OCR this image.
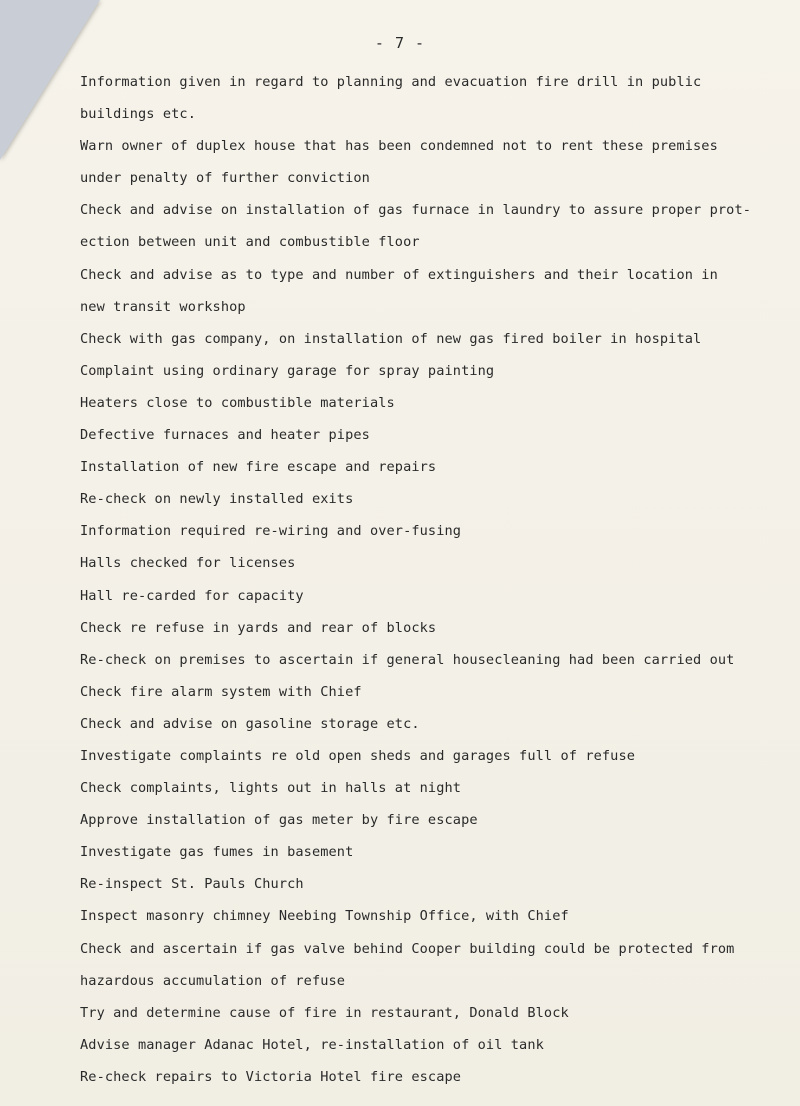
- 7 -
Information given in regard to planning and evacuation fire drill in public
buildings etc.
Warn owner of duplex house that has been condemned not to rent these premises
under penalty of further conviction
Check and advise on installation of gas furnace in laundry to assure proper prot-
ection between unit and combustible floor
Check and advise as to type and number of extinguishers and their location in
new transit workshop
Check with gas company, on installation of new gas fired boiler in hospital
Complaint using ordinary garage for spray painting
Heaters close to combustible materials
Defective furnaces and heater pipes
Installation of new fire escape and repairs
Re-check on newly installed exits
Information required re-wiring and over-fusing
Halls checked for licenses
Hall re-carded for capacity
Check re refuse in yards and rear of blocks
Re-check on premises to ascertain if general housecleaning had been carried out
Check fire alarm system with Chief
Check and advise on gasoline storage etc.
Investigate complaints re old open sheds and garages full of refuse
Check complaints, lights out in halls at night
Approve installation of gas meter by fire escape
Investigate gas fumes in basement
Re-inspect St. Pauls Church
Inspect masonry chimney Neebing Township Office, with Chief
Check and ascertain if gas valve behind Cooper building could be protected from
hazardous accumulation of refuse
Try and determine cause of fire in restaurant, Donald Block
Advise manager Adanac Hotel, re-installation of oil tank
Re-check repairs to Victoria Hotel fire escape
